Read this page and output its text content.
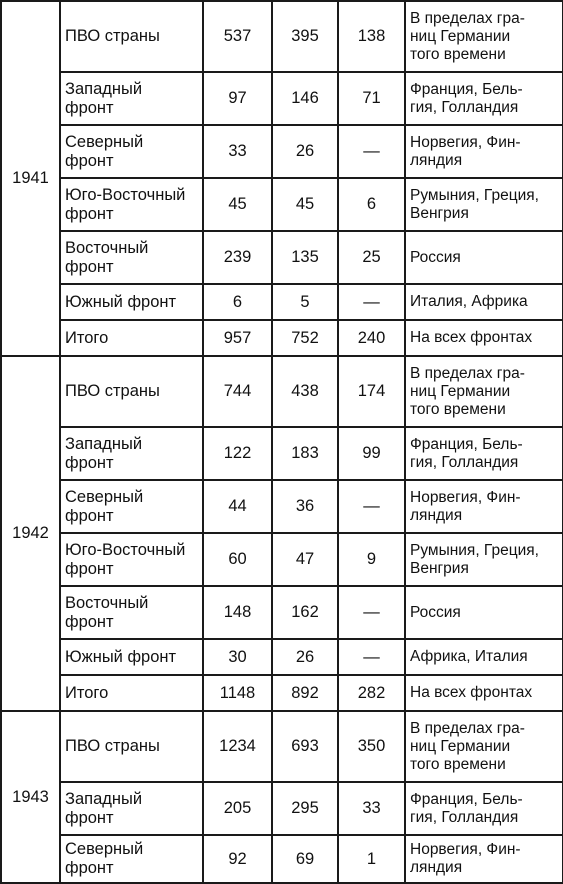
1941	ПВО страны	537	395	138	В пределах гра-
ниц Германии
того времени
	Западный
фронт	97	146	71	Франция, Бель-
гия, Голландия
	Северный
фронт	33	26	—	Норвегия, Фин-
ляндия
	Юго-Восточный
фронт	45	45	6	Румыния, Греция,
Венгрия
	Восточный
фронт	239	135	25	Россия
	Южный фронт	6	5	—	Италия, Африка
	Итого	957	752	240	На всех фронтах
1942	ПВО страны	744	438	174	В пределах гра-
ниц Германии
того времени
	Западный
фронт	122	183	99	Франция, Бель-
гия, Голландия
	Северный
фронт	44	36	—	Норвегия, Фин-
ляндия
	Юго-Восточный
фронт	60	47	9	Румыния, Греция,
Венгрия
	Восточный
фронт	148	162	—	Россия
	Южный фронт	30	26	—	Африка, Италия
	Итого	1148	892	282	На всех фронтах
1943	ПВО страны	1234	693	350	В пределах гра-
ниц Германии
того времени
	Западный
фронт	205	295	33	Франция, Бель-
гия, Голландия
	Северный
фронт	92	69	1	Норвегия, Фин-
ляндия
